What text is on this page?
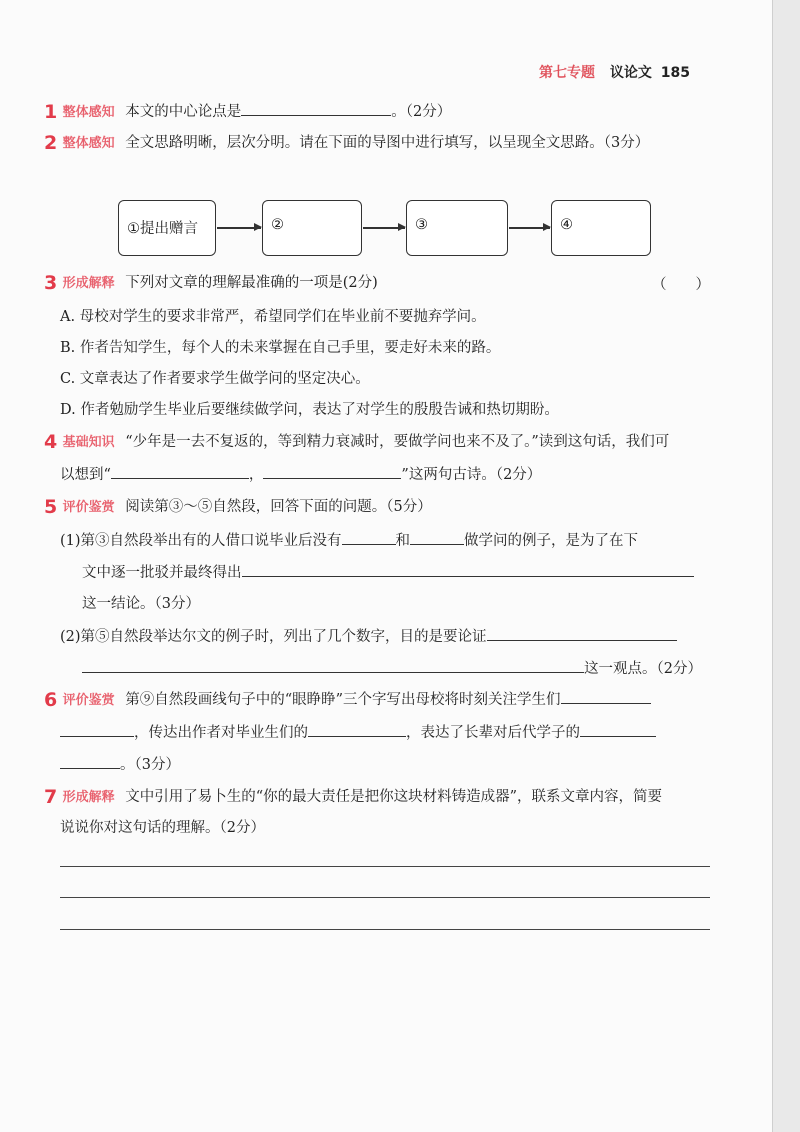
第七专题 议论文 185
1 整体感知 本文的中心论点是	。（2分）
2 整体感知 全文思路明晰，层次分明。请在下面的导图中进行填写，以呈现全文思路。（3分）
①提出赠言	②	③	④
3 形成解释 下列对文章的理解最准确的一项是(2分)	（　　）
A. 母校对学生的要求非常严，希望同学们在毕业前不要抛弃学问。
B. 作者告知学生，每个人的未来掌握在自己手里，要走好未来的路。
C. 文章表达了作者要求学生做学问的坚定决心。
D. 作者勉励学生毕业后要继续做学问，表达了对学生的殷殷告诫和热切期盼。
4 基础知识 “少年是一去不复返的，等到精力衰减时，要做学问也来不及了。”读到这句话，我们可
以想到“	，	”这两句古诗。（2分）
5 评价鉴赏 阅读第③～⑤自然段，回答下面的问题。（5分）
(1)第③自然段举出有的人借口说毕业后没有	和	做学问的例子，是为了在下
文中逐一批驳并最终得出
这一结论。（3分）
(2)第⑤自然段举达尔文的例子时，列出了几个数字，目的是要论证
这一观点。（2分）
6 评价鉴赏 第⑨自然段画线句子中的“眼睁睁”三个字写出母校将时刻关注学生们
，传达出作者对毕业生们的	，表达了长辈对后代学子的
。（3分）
7 形成解释 文中引用了易卜生的“你的最大责任是把你这块材料铸造成器”，联系文章内容，简要
说说你对这句话的理解。（2分）
